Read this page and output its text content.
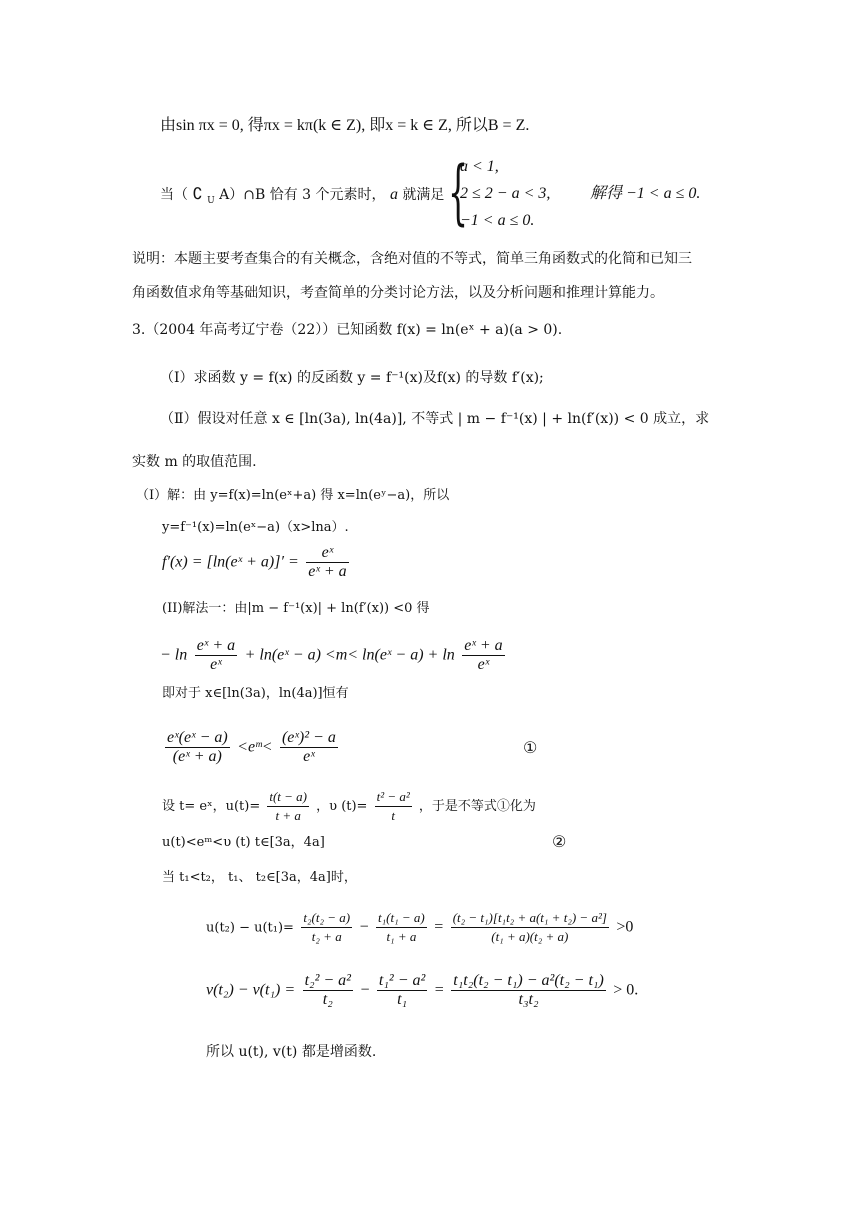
由sin πx = 0, 得πx = kπ(k ∈ Z), 即x = k ∈ Z, 所以B = Z.
当（ ∁ $_U$ A）∩B 恰有 3 个元素时， a 就满足 {
a < 1,
2 ≤ 2 − a < 3,
−1 < a ≤ 0.
解得 −1 < a ≤ 0.
说明：本题主要考查集合的有关概念，含绝对值的不等式，简单三角函数式的化简和已知三
角函数值求角等基础知识，考查简单的分类讨论方法，以及分析问题和推理计算能力。
3.（2004 年高考辽宁卷（22））已知函数 f(x) = ln(eˣ + a)(a > 0).
（Ⅰ）求函数 y = f(x) 的反函数 y = f⁻¹(x)及f(x) 的导数 f′(x);
（Ⅱ）假设对任意 x ∈ [ln(3a), ln(4a)], 不等式 | m − f⁻¹(x) | + ln(f′(x)) < 0 成立，求
实数 m 的取值范围.
（I）解：由 y=f(x)=ln(eˣ+a) 得 x=ln(eʸ−a)，所以
y=f⁻¹(x)=ln(eˣ−a)（x>lna）.
f′(x) = [ln(eˣ + $a)]' = \frac{\text{eˣ}}{\text{eˣ + a}}$
(II)解法一：由|m − f⁻¹(x)| + ln(f′(x)) <0 得
− $\ln \frac{\text{eˣ + a}}{\text{eˣ}}$ + ln(eˣ − a) <m< ln(eˣ − $a) + \ln \frac{\text{eˣ + a}}{\text{eˣ}}$
即对于 x∈[ln(3a)，ln(4a)]恒有
$\frac{\text{eˣ(eˣ − a)}}{\text{(eˣ + a)}}$ <eᵐ< $\frac{\text{(eˣ)² − a}}{\text{eˣ}}$	①
设 t= eˣ，$u(t)= \frac{t(t - a)}{t + a}$ ，υ $(t)= \frac{\text{t² − a²}}{t}$ ，于是不等式①化为
u(t)<eᵐ<υ (t) t∈[3a，4a]	②
当 t₁<t₂， t₁、 t₂∈[3a，4a]时，
$u(t_2) - u(t_1)= \frac{\text{t₂(t₂ − a)}}{\text{t₂ + a}} - \frac{\text{t₁(t₁ − a)}}{\text{t₁ + a}} = \frac{\text{(t₂ − t₁)[t₁t₂ + a(t₁ + t₂) − a²]}}{\text{(t₁ + a)(t₂ + a)}} >0$
$v(t_2) - v(t_1) = \frac{\text{t₂² − a²}}{\text{t₂}} - \frac{\text{t₁² − a²}}{\text{t₁}} = \frac{\text{t₁t₂(t₂ − t₁) − a²(t₂ − t₁)}}{\text{t₃t₂}} > 0$.
所以 u(t), v(t) 都是增函数.
